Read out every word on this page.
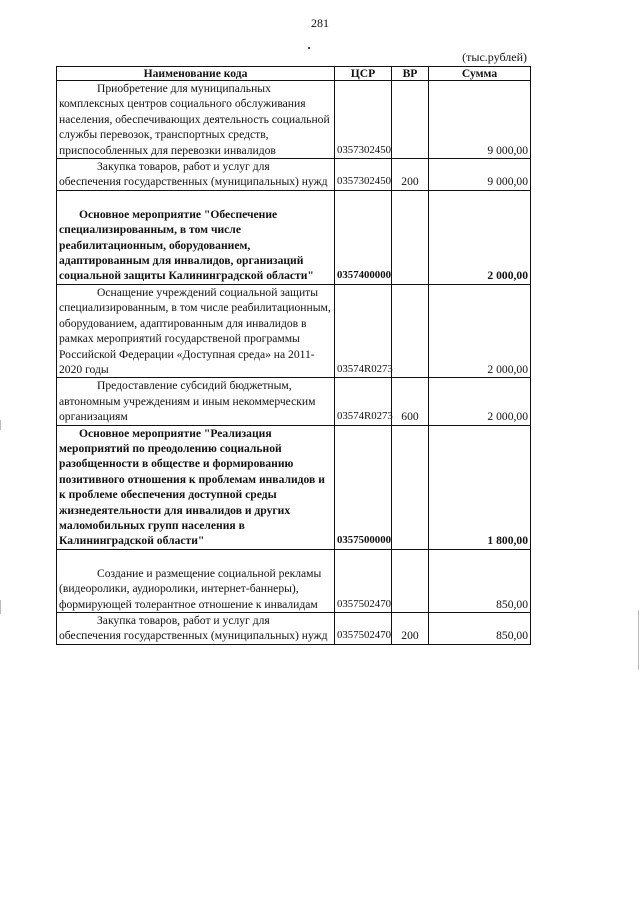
281
(тыс.рублей)
Наименование кода	ЦСР	ВР	Сумма

Приобретение для муниципальных комплексных центров социального обслуживания населения, обеспечивающих деятельность социальной службы перевозок, транспортных средств, приспособленных для перевозки инвалидов	0357302450		9 000,00

Закупка товаров, работ и услуг для обеспечения государственных (муниципальных) нужд	0357302450	200	9 000,00

Основное мероприятие "Обеспечение специализированным, в том числе реабилитационным, оборудованием, адаптированным для инвалидов, организаций социальной защиты Калининградской области"	0357400000		2 000,00

Оснащение учреждений социальной защиты специализированным, в том числе реабилитационным, оборудованием, адаптированным для инвалидов в рамках мероприятий государственой программы Российской Федерации «Доступная среда» на 2011-2020 годы	03574R0273		2 000,00

Предоставление субсидий бюджетным, автономным учреждениям и иным некоммерческим организациям	03574R0273	600	2 000,00

Основное мероприятие "Реализация мероприятий по преодолению социальной разобщенности в обществе и формированию позитивного отношения к проблемам инвалидов и к проблеме обеспечения доступной среды жизнедеятельности для инвалидов и других маломобильных групп населения в Калининградской области"	0357500000		1 800,00

Создание и размещение социальной рекламы (видеоролики, аудиоролики, интернет-баннеры), формирующей толерантное отношение к инвалидам	0357502470		850,00

Закупка товаров, работ и услуг для обеспечения государственных (муниципальных) нужд	0357502470	200	850,00
